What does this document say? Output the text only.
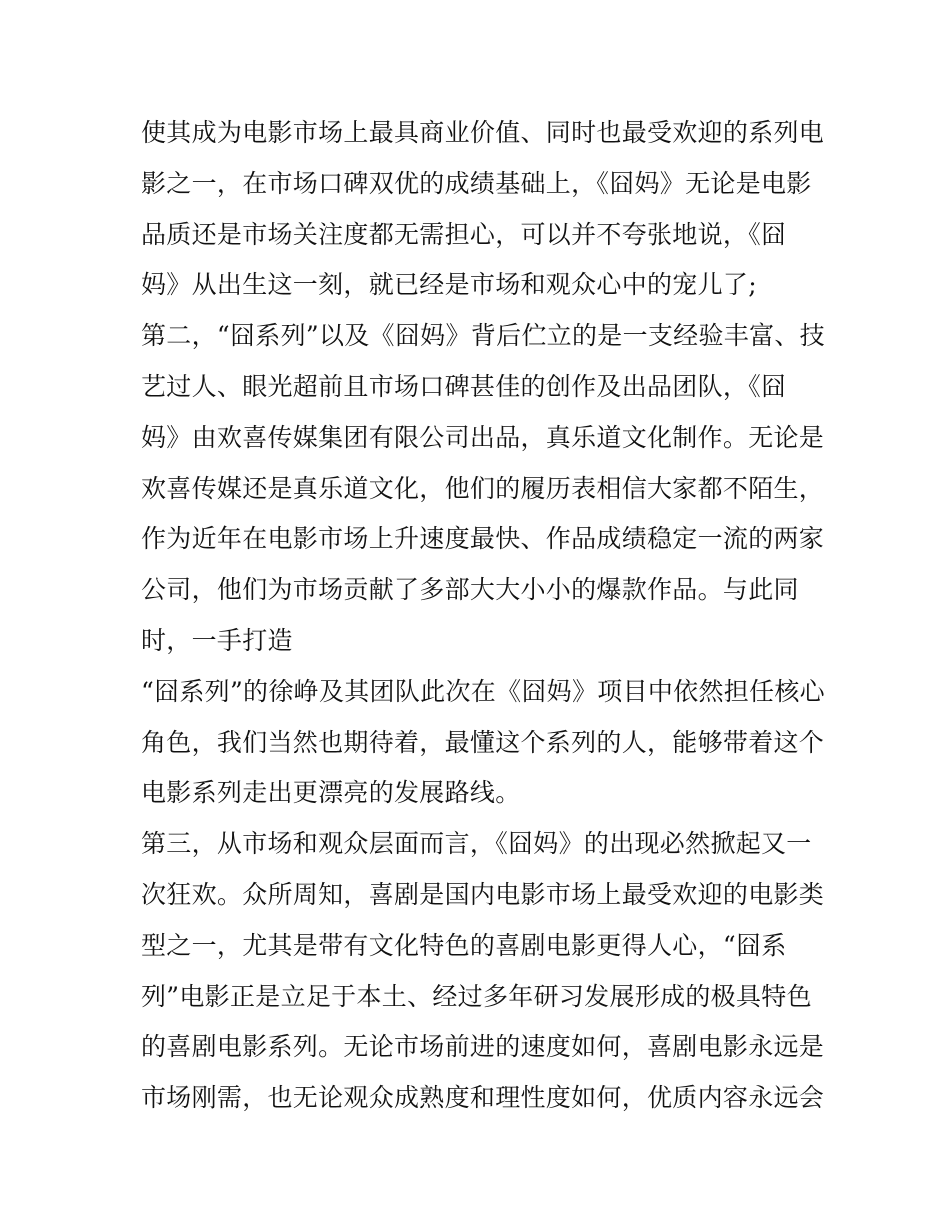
使其成为电影市场上最具商业价值、同时也最受欢迎的系列电
影之一，在市场口碑双优的成绩基础上，《囧妈》无论是电影
品质还是市场关注度都无需担心，可以并不夸张地说，《囧
妈》从出生这一刻，就已经是市场和观众心中的宠儿了;
第二，“囧系列”以及《囧妈》背后伫立的是一支经验丰富、技
艺过人、眼光超前且市场口碑甚佳的创作及出品团队，《囧
妈》由欢喜传媒集团有限公司出品，真乐道文化制作。无论是
欢喜传媒还是真乐道文化，他们的履历表相信大家都不陌生，
作为近年在电影市场上升速度最快、作品成绩稳定一流的两家
公司，他们为市场贡献了多部大大小小的爆款作品。与此同
时，一手打造
“囧系列”的徐峥及其团队此次在《囧妈》项目中依然担任核心
角色，我们当然也期待着，最懂这个系列的人，能够带着这个
电影系列走出更漂亮的发展路线。
第三，从市场和观众层面而言，《囧妈》的出现必然掀起又一
次狂欢。众所周知，喜剧是国内电影市场上最受欢迎的电影类
型之一，尤其是带有文化特色的喜剧电影更得人心，“囧系
列”电影正是立足于本土、经过多年研习发展形成的极具特色
的喜剧电影系列。无论市场前进的速度如何，喜剧电影永远是
市场刚需，也无论观众成熟度和理性度如何，优质内容永远会
